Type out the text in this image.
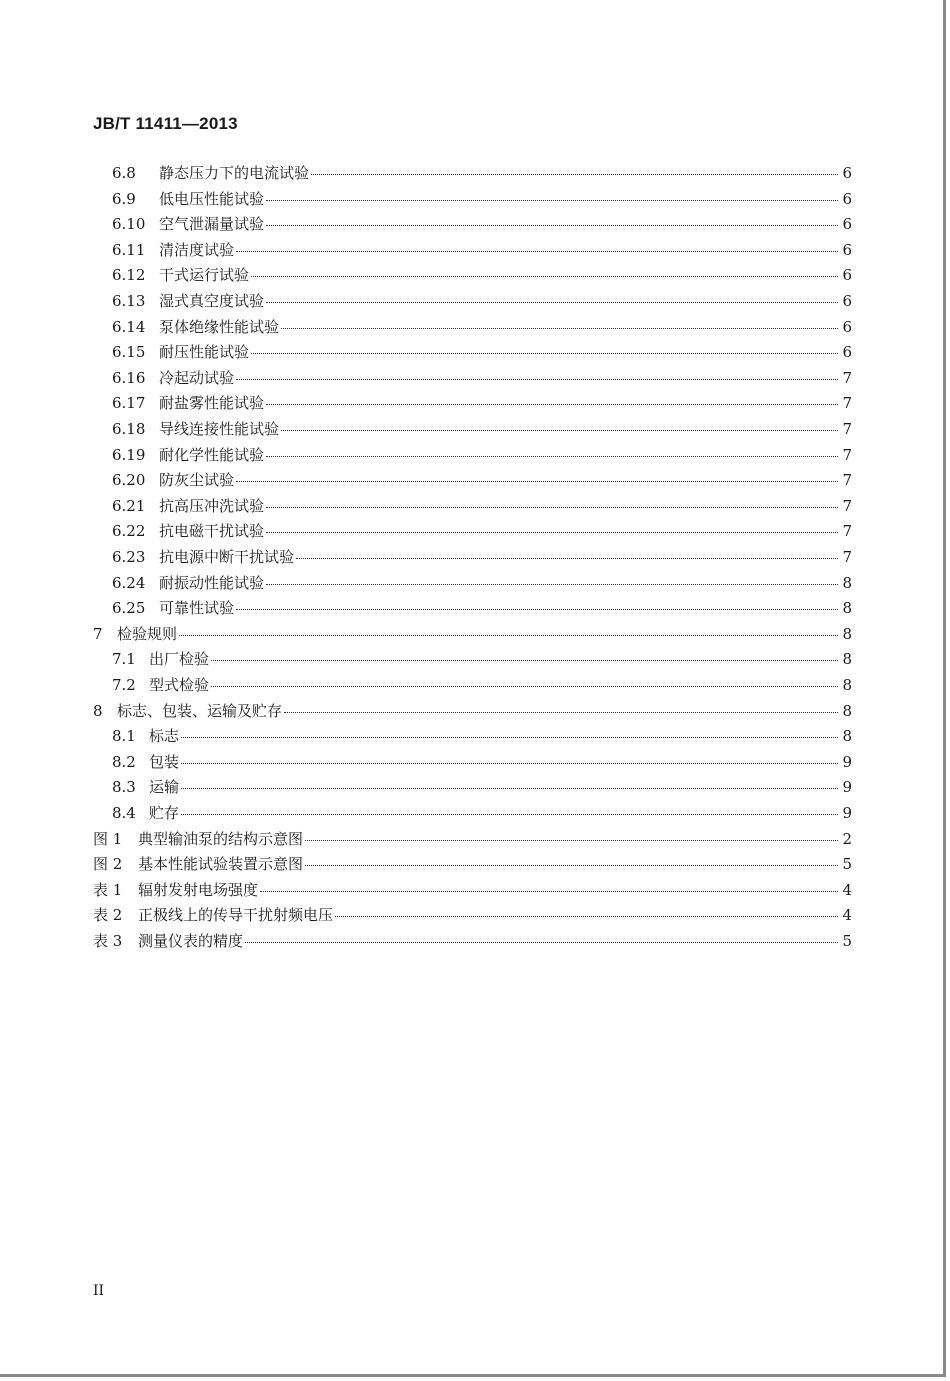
JB/T 11411—2013
6.8	静态压力下的电流试验	6
6.9	低电压性能试验	6
6.10 空气泄漏量试验	6
6.11 清洁度试验	6
6.12 干式运行试验	6
6.13 湿式真空度试验	6
6.14 泵体绝缘性能试验	6
6.15 耐压性能试验	6
6.16 冷起动试验	7
6.17 耐盐雾性能试验	7
6.18 导线连接性能试验	7
6.19 耐化学性能试验	7
6.20 防灰尘试验	7
6.21 抗高压冲洗试验	7
6.22 抗电磁干扰试验	7
6.23 抗电源中断干扰试验	7
6.24 耐振动性能试验	8
6.25 可靠性试验	8
7 检验规则	8
7.1 出厂检验	8
7.2 型式检验	8
8 标志、包装、运输及贮存	8
8.1 标志	8
8.2 包装	9
8.3 运输	9
8.4 贮存	9
图 1	典型输油泵的结构示意图	2
图 2	基本性能试验装置示意图	5
表 1	辐射发射电场强度	4
表 2	正极线上的传导干扰射频电压	4
表 3	测量仪表的精度	5
II
